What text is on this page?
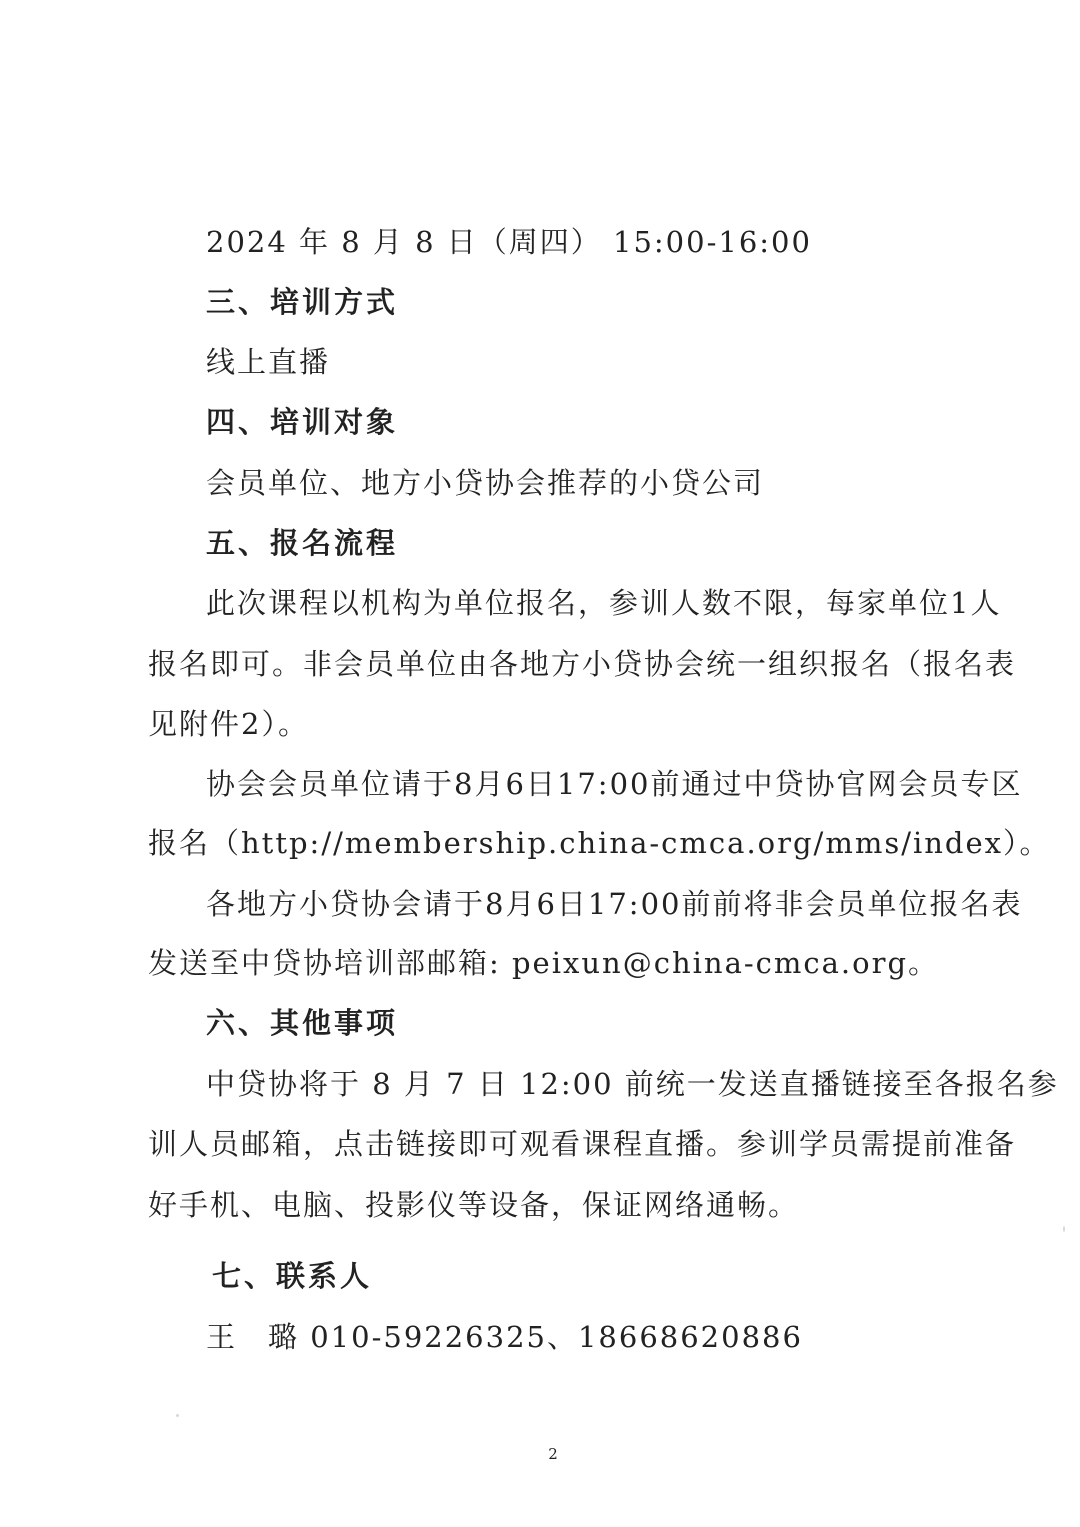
2024 年 8 月 8 日（周四） 15:00-16:00
三、培训方式
线上直播
四、培训对象
会员单位、地方小贷协会推荐的小贷公司
五、报名流程
此次课程以机构为单位报名，参训人数不限，每家单位1人
报名即可。非会员单位由各地方小贷协会统一组织报名（报名表
见附件2）。
协会会员单位请于8月6日17:00前通过中贷协官网会员专区
报名（http://membership.china-cmca.org/mms/index）。
各地方小贷协会请于8月6日17:00前前将非会员单位报名表
发送至中贷协培训部邮箱: peixun@china-cmca.org。
六、其他事项
中贷协将于 8 月 7 日 12:00 前统一发送直播链接至各报名参
训人员邮箱，点击链接即可观看课程直播。参训学员需提前准备
好手机、电脑、投影仪等设备，保证网络通畅。
七、联系人
王　璐 010-59226325、18668620886
2
